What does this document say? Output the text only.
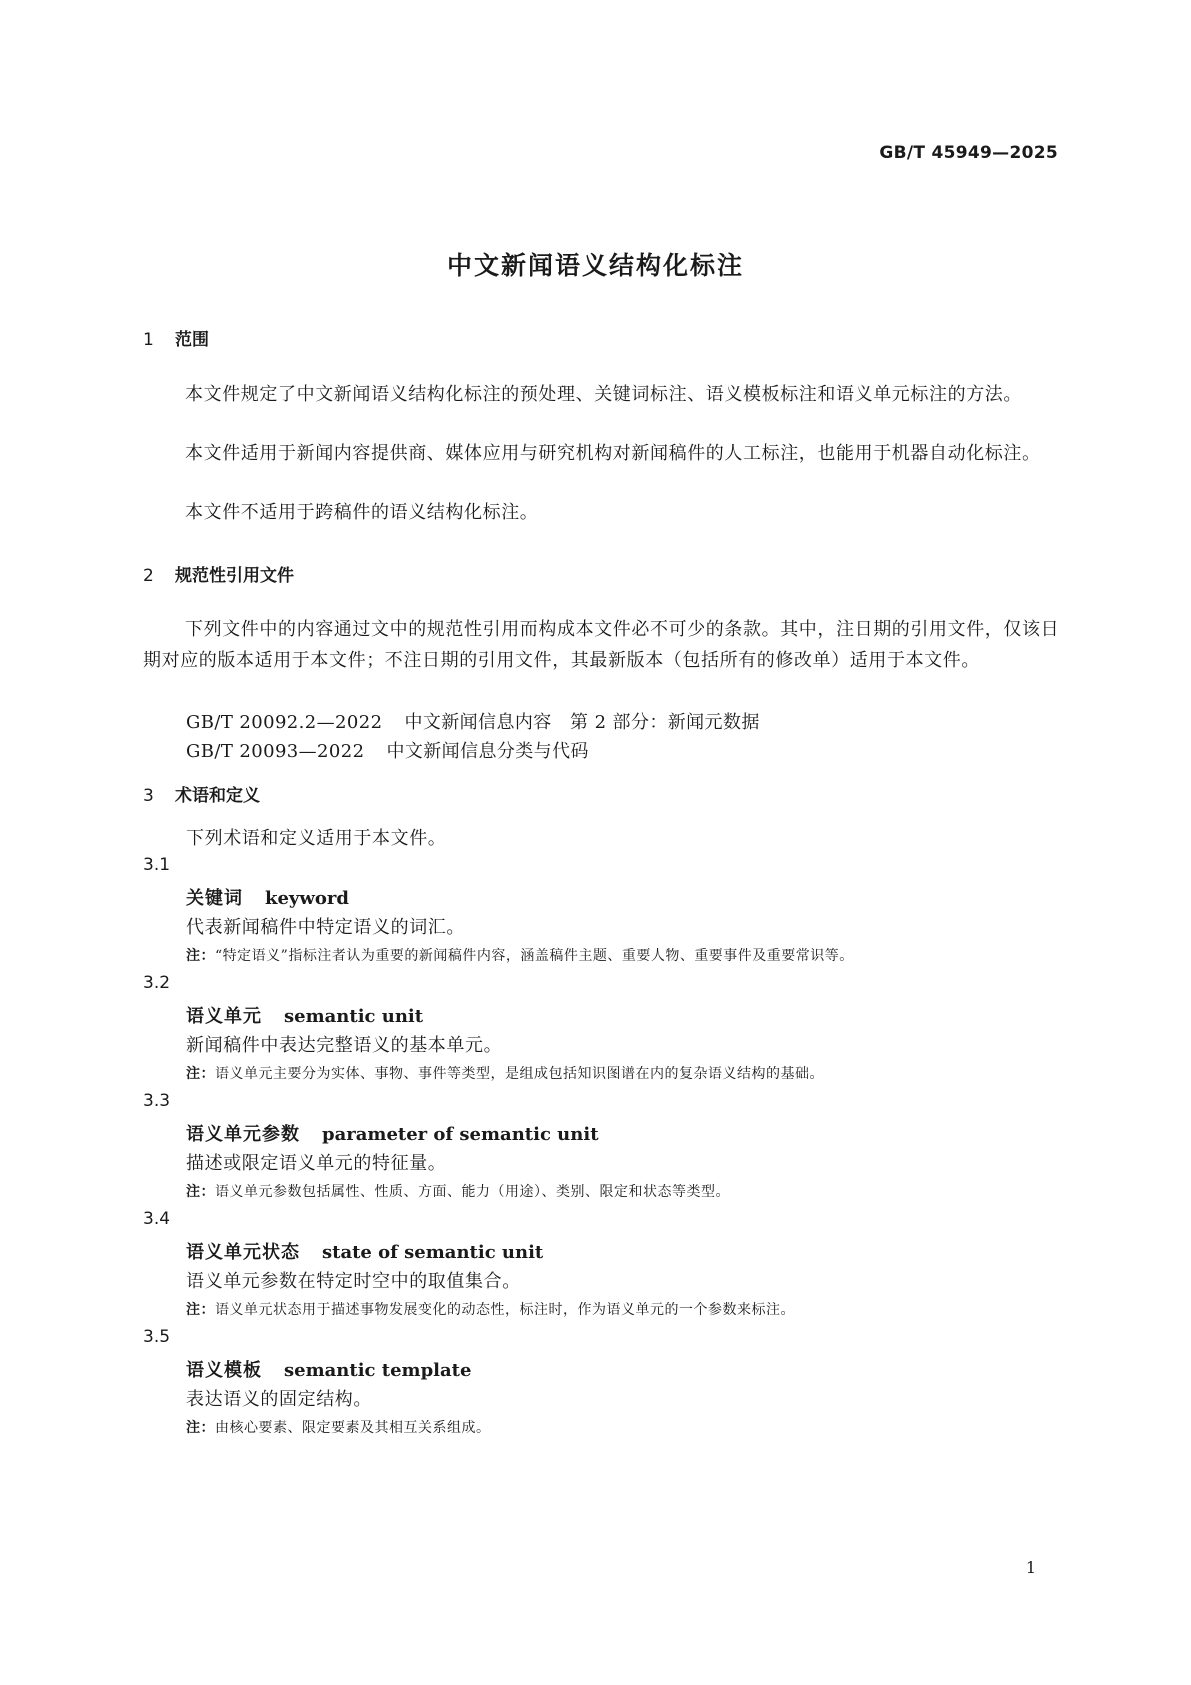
GB/T 45949—2025
中文新闻语义结构化标注
1 范围

本文件规定了中文新闻语义结构化标注的预处理、关键词标注、语义模板标注和语义单元标注的方法。

本文件适用于新闻内容提供商、媒体应用与研究机构对新闻稿件的人工标注，也能用于机器自动化标注。

本文件不适用于跨稿件的语义结构化标注。

2 规范性引用文件

下列文件中的内容通过文中的规范性引用而构成本文件必不可少的条款。其中，注日期的引用文件，仅该日期对应的版本适用于本文件；不注日期的引用文件，其最新版本（包括所有的修改单）适用于本文件。

GB/T 20092.2—2022 中文新闻信息内容　第 2 部分：新闻元数据
GB/T 20093—2022 中文新闻信息分类与代码
3 术语和定义
下列术语和定义适用于本文件。
3.1
关键词 keyword
代表新闻稿件中特定语义的词汇。
注：“特定语义”指标注者认为重要的新闻稿件内容，涵盖稿件主题、重要人物、重要事件及重要常识等。
3.2
语义单元 semantic unit
新闻稿件中表达完整语义的基本单元。
注：语义单元主要分为实体、事物、事件等类型，是组成包括知识图谱在内的复杂语义结构的基础。
3.3
语义单元参数 parameter of semantic unit
描述或限定语义单元的特征量。
注：语义单元参数包括属性、性质、方面、能力（用途）、类别、限定和状态等类型。
3.4
语义单元状态 state of semantic unit
语义单元参数在特定时空中的取值集合。
注：语义单元状态用于描述事物发展变化的动态性，标注时，作为语义单元的一个参数来标注。
3.5
语义模板 semantic template
表达语义的固定结构。
注：由核心要素、限定要素及其相互关系组成。
1
